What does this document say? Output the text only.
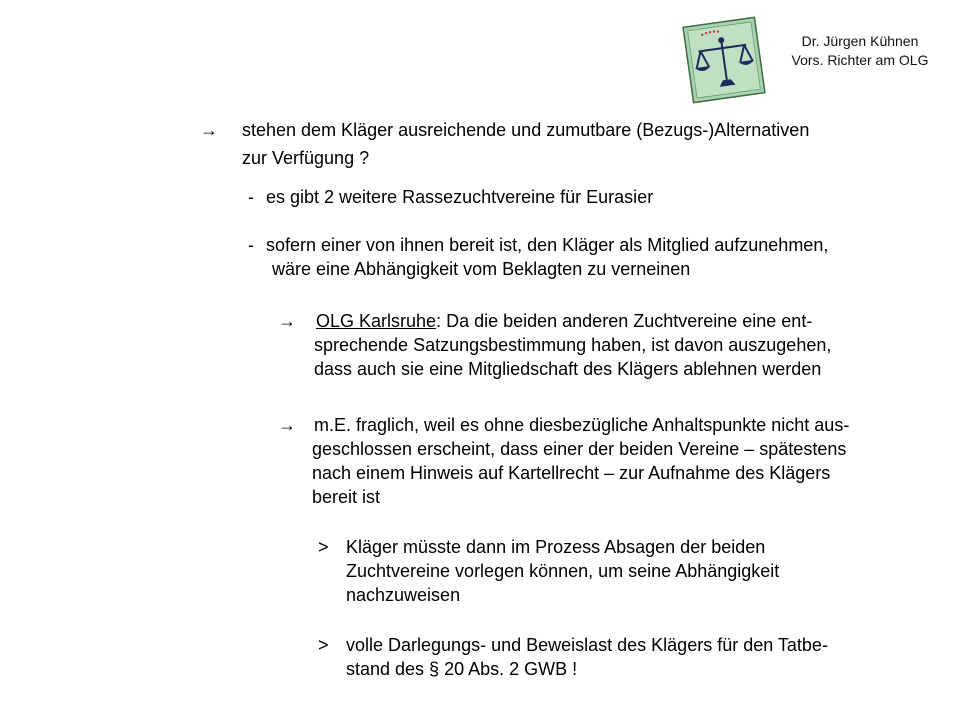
Dr. Jürgen Kühnen
Vors. Richter am OLG
→ stehen dem Kläger ausreichende und zumutbare (Bezugs-)Alternativen
zur Verfügung ?
- es gibt 2 weitere Rassezuchtvereine für Eurasier
- sofern einer von ihnen bereit ist, den Kläger als Mitglied aufzunehmen,
wäre eine Abhängigkeit vom Beklagten zu verneinen
→ OLG Karlsruhe: Da die beiden anderen Zuchtvereine eine ent-
sprechende Satzungsbestimmung haben, ist davon auszugehen,
dass auch sie eine Mitgliedschaft des Klägers ablehnen werden
→ m.E. fraglich, weil es ohne diesbezügliche Anhaltspunkte nicht aus-
geschlossen erscheint, dass einer der beiden Vereine – spätestens
nach einem Hinweis auf Kartellrecht – zur Aufnahme des Klägers
bereit ist
> Kläger müsste dann im Prozess Absagen der beiden
Zuchtvereine vorlegen können, um seine Abhängigkeit
nachzuweisen
> volle Darlegungs- und Beweislast des Klägers für den Tatbe-
stand des § 20 Abs. 2 GWB !
